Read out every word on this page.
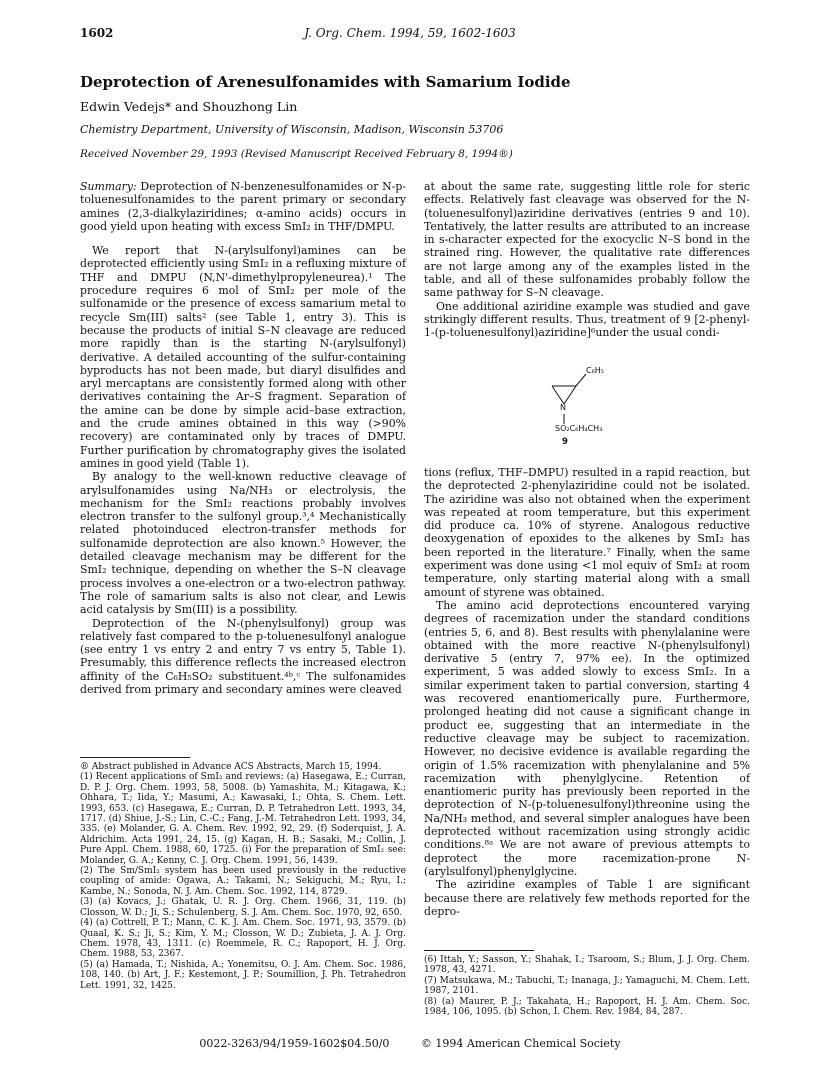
1602	J. Org. Chem. 1994, 59, 1602-1603
Deprotection of Arenesulfonamides with Samarium Iodide
Edwin Vedejs* and Shouzhong Lin
Chemistry Department, University of Wisconsin, Madison, Wisconsin 53706
Received November 29, 1993 (Revised Manuscript Received February 8, 1994®)

Summary: Deprotection of N-benzenesulfonamides or N-p-toluenesulfonamides to the parent primary or secondary amines (2,3-dialkylaziridines; α-amino acids) occurs in good yield upon heating with excess SmI₂ in THF/DMPU.

We report that N-(arylsulfonyl)amines can be deprotected efficiently using SmI₂ in a refluxing mixture of THF and DMPU (N,N'-dimethylpropyleneurea).¹ The procedure requires 6 mol of SmI₂ per mole of the sulfonamide or the presence of excess samarium metal to recycle Sm(III) salts² (see Table 1, entry 3). This is because the products of initial S–N cleavage are reduced more rapidly than is the starting N-(arylsulfonyl) derivative. A detailed accounting of the sulfur-containing byproducts has not been made, but diaryl disulfides and aryl mercaptans are consistently formed along with other derivatives containing the Ar–S fragment. Separation of the amine can be done by simple acid–base extraction, and the crude amines obtained in this way (>90% recovery) are contaminated only by traces of DMPU. Further purification by chromatography gives the isolated amines in good yield (Table 1).

By analogy to the well-known reductive cleavage of arylsulfonamides using Na/NH₃ or electrolysis, the mechanism for the SmI₂ reactions probably involves electron transfer to the sulfonyl group.³,⁴ Mechanistically related photoinduced electron-transfer methods for sulfonamide deprotection are also known.⁵ However, the detailed cleavage mechanism may be different for the SmI₂ technique, depending on whether the S–N cleavage process involves a one-electron or a two-electron pathway. The role of samarium salts is also not clear, and Lewis acid catalysis by Sm(III) is a possibility.

Deprotection of the N-(phenylsulfonyl) group was relatively fast compared to the p-toluenesulfonyl analogue (see entry 1 vs entry 2 and entry 7 vs entry 5, Table 1). Presumably, this difference reflects the increased electron affinity of the C₆H₅SO₂ substituent.⁴ᵇ,ᶜ The sulfonamides derived from primary and secondary amines were cleaved

® Abstract published in Advance ACS Abstracts, March 15, 1994.
(1) Recent applications of SmI₂ and reviews: (a) Hasegawa, E.; Curran, D. P. J. Org. Chem. 1993, 58, 5008. (b) Yamashita, M.; Kitagawa, K.; Ohhara, T.; Iida, Y.; Masumi, A.; Kawasaki, I.; Ohta, S. Chem. Lett. 1993, 653. (c) Hasegawa, E.; Curran, D. P. Tetrahedron Lett. 1993, 34, 1717. (d) Shiue, J.-S.; Lin, C.-C.; Fang, J.-M. Tetrahedron Lett. 1993, 34, 335. (e) Molander, G. A. Chem. Rev. 1992, 92, 29. (f) Soderquist, J. A. Aldrichim. Acta 1991, 24, 15. (g) Kagan, H. B.; Sasaki, M.; Collin, J. Pure Appl. Chem. 1988, 60, 1725. (i) For the preparation of SmI₂ see: Molander, G. A.; Kenny, C. J. Org. Chem. 1991, 56, 1439.
(2) The Sm/SmI₂ system has been used previously in the reductive coupling of amide: Ogawa, A.; Takami, N.; Sekiguchi, M.; Ryu, I.; Kambe, N.; Sonoda, N. J. Am. Chem. Soc. 1992, 114, 8729.
(3) (a) Kovacs, J.; Ghatak, U. R. J. Org. Chem. 1966, 31, 119. (b) Closson, W. D.; Ji, S.; Schulenberg, S. J. Am. Chem. Soc. 1970, 92, 650.
(4) (a) Cottrell, P. T.; Mann, C. K. J. Am. Chem. Soc. 1971, 93, 3579. (b) Quaal, K. S.; Ji, S.; Kim, Y. M.; Closson, W. D.; Zubieta, J. A. J. Org. Chem. 1978, 43, 1311. (c) Roemmele, R. C.; Rapoport, H. J. Org. Chem. 1988, 53, 2367.
(5) (a) Hamada, T.; Nishida, A.; Yonemitsu, O. J. Am. Chem. Soc. 1986, 108, 140. (b) Art, J. F.; Kestemont, J. P.; Soumillion, J. Ph. Tetrahedron Lett. 1991, 32, 1425.

at about the same rate, suggesting little role for steric effects. Relatively fast cleavage was observed for the N-(toluenesulfonyl)aziridine derivatives (entries 9 and 10). Tentatively, the latter results are attributed to an increase in s-character expected for the exocyclic N–S bond in the strained ring. However, the qualitative rate differences are not large among any of the examples listed in the table, and all of these sulfonamides probably follow the same pathway for S–N cleavage.

One additional aziridine example was studied and gave strikingly different results. Thus, treatment of 9 [2-phenyl-1-(p-toluenesulfonyl)aziridine]⁶under the usual condi-

C₆H₅
N
SO₂C₆H₄CH₃
9

tions (reflux, THF–DMPU) resulted in a rapid reaction, but the deprotected 2-phenylaziridine could not be isolated. The aziridine was also not obtained when the experiment was repeated at room temperature, but this experiment did produce ca. 10% of styrene. Analogous reductive deoxygenation of epoxides to the alkenes by SmI₂ has been reported in the literature.⁷ Finally, when the same experiment was done using <1 mol equiv of SmI₂ at room temperature, only starting material along with a small amount of styrene was obtained.

The amino acid deprotections encountered varying degrees of racemization under the standard conditions (entries 5, 6, and 8). Best results with phenylalanine were obtained with the more reactive N-(phenylsulfonyl) derivative 5 (entry 7, 97% ee). In the optimized experiment, 5 was added slowly to excess SmI₂. In a similar experiment taken to partial conversion, starting 4 was recovered enantiomerically pure. Furthermore, prolonged heating did not cause a significant change in product ee, suggesting that an intermediate in the reductive cleavage may be subject to racemization. However, no decisive evidence is available regarding the origin of 1.5% racemization with phenylalanine and 5% racemization with phenylglycine. Retention of enantiomeric purity has previously been reported in the deprotection of N-(p-toluenesulfonyl)threonine using the Na/NH₃ method, and several simpler analogues have been deprotected without racemization using strongly acidic conditions.⁸ᵃ We are not aware of previous attempts to deprotect the more racemization-prone N-(arylsulfonyl)phenylglycine.

The aziridine examples of Table 1 are significant because there are relatively few methods reported for the depro-

(6) Ittah, Y.; Sasson, Y.; Shahak, I.; Tsaroom, S.; Blum, J. J. Org. Chem. 1978, 43, 4271.
(7) Matsukawa, M.; Tabuchi, T.; Inanaga, J.; Yamaguchi, M. Chem. Lett. 1987, 2101.
(8) (a) Maurer, P. J.; Takahata, H.; Rapoport, H. J. Am. Chem. Soc. 1984, 106, 1095. (b) Schon, I. Chem. Rev. 1984, 84, 287.
0022-3263/94/1959-1602$04.50/0	© 1994 American Chemical Society
